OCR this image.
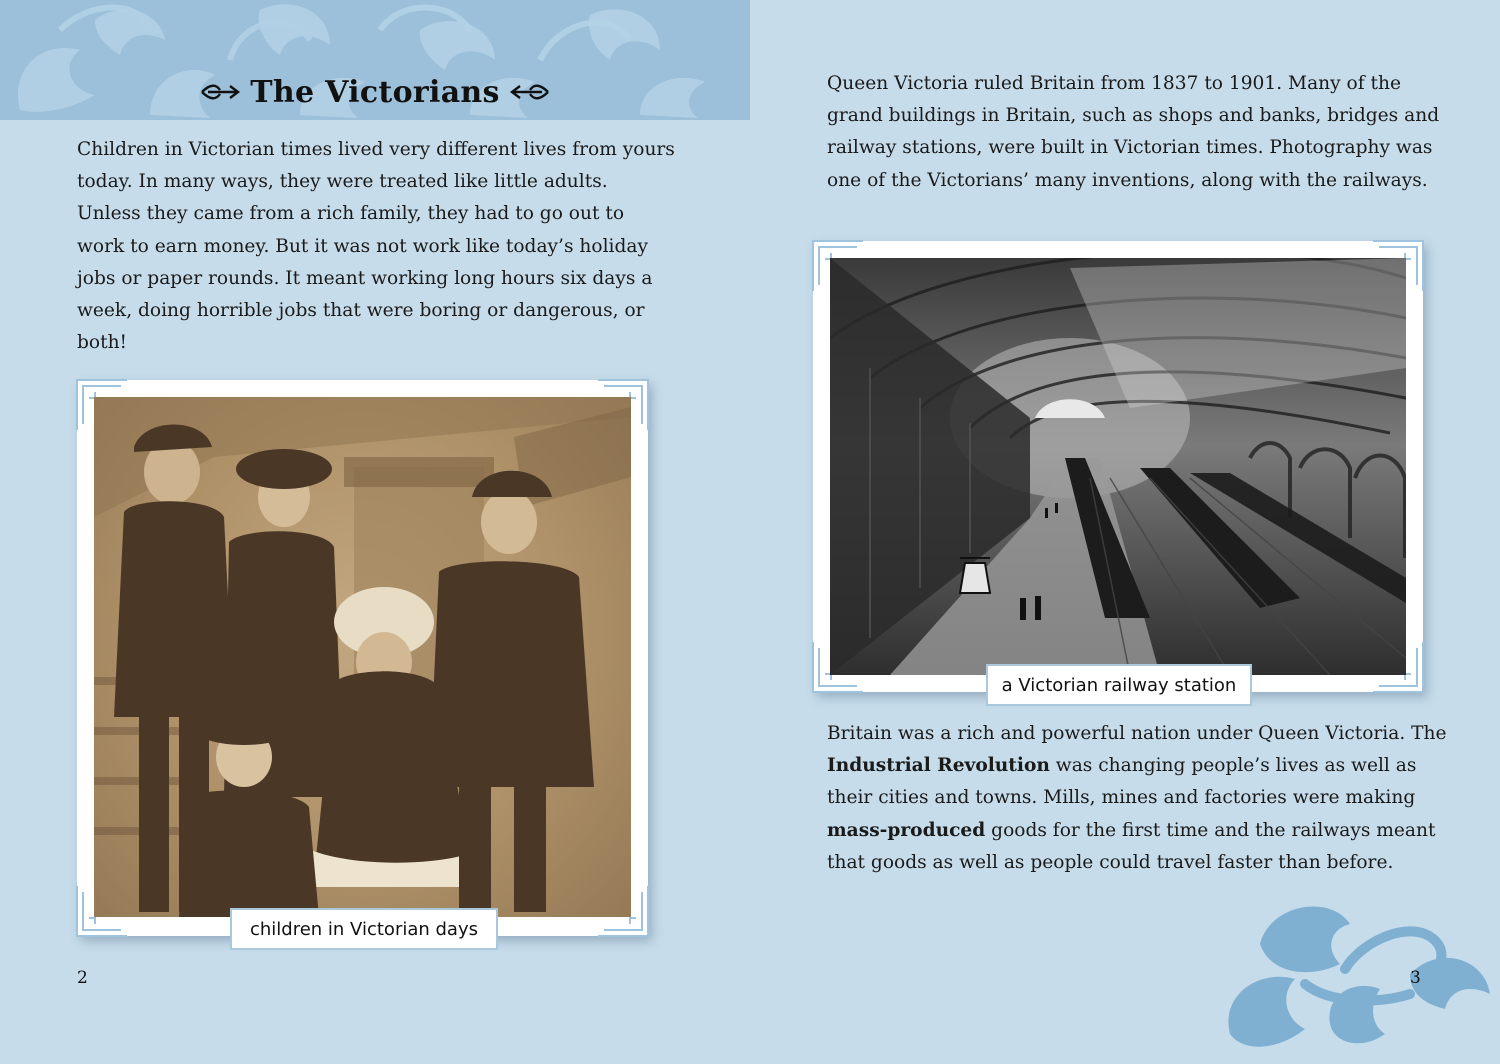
The Victorians

Children in Victorian times lived very different lives from yours today. In many ways, they were treated like little adults. Unless they came from a rich family, they had to go out to work to earn money. But it was not work like today’s holiday jobs or paper rounds. It meant working long hours six days a week, doing horrible jobs that were boring or dangerous, or both!

children in Victorian days
2

Queen Victoria ruled Britain from 1837 to 1901. Many of the grand buildings in Britain, such as shops and banks, bridges and railway stations, were built in Victorian times. Photography was one of the Victorians’ many inventions, along with the railways.

a Victorian railway station

Britain was a rich and powerful nation under Queen Victoria. The Industrial Revolution was changing people’s lives as well as their cities and towns. Mills, mines and factories were making mass-produced goods for the first time and the railways meant that goods as well as people could travel faster than before.

3
